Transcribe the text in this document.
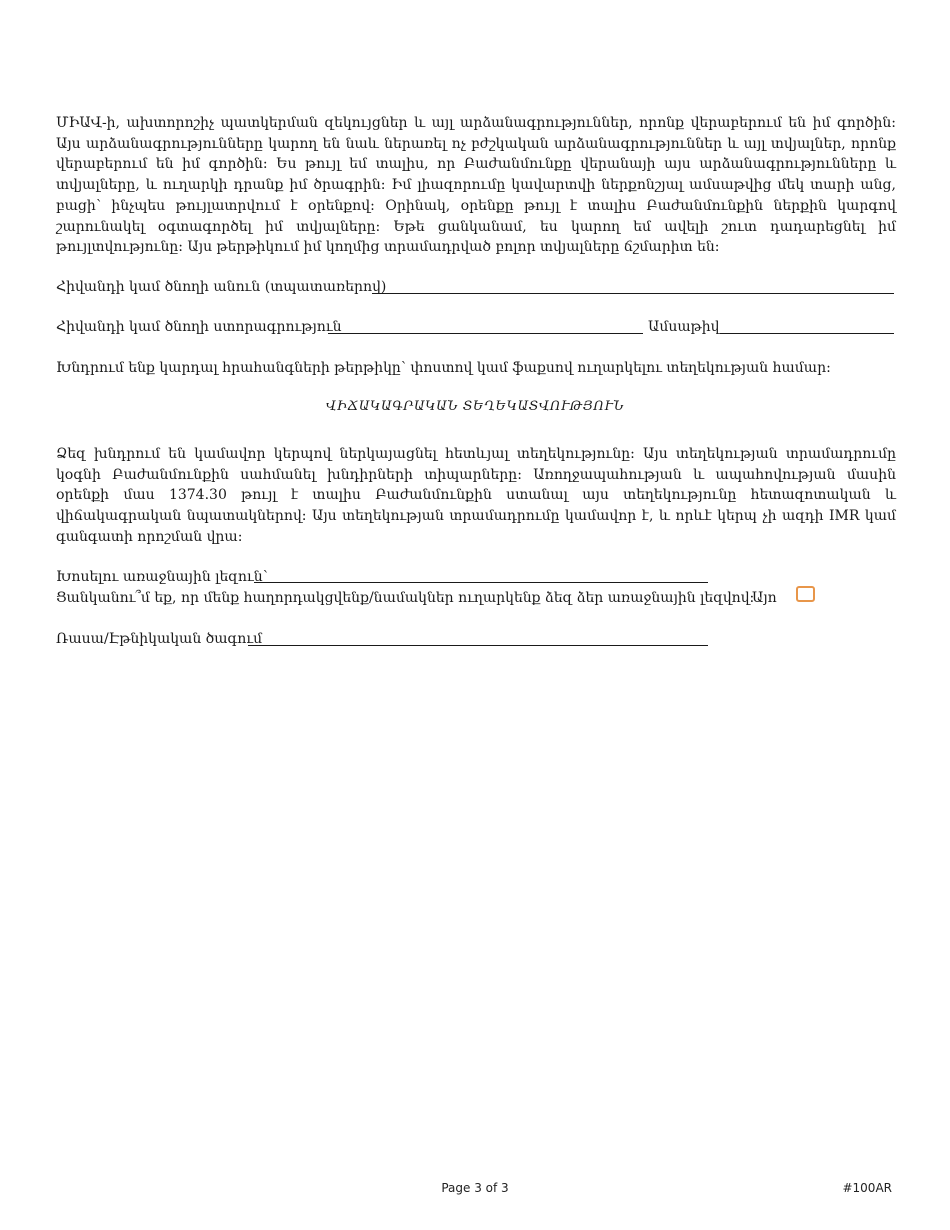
ՄԻԱՎ-ի, ախտորոշիչ պատկերման զեկույցներ և այլ արձանագրություններ, որոնք վերաբերում են իմ գործին: Այս արձանագրությունները կարող են նաև ներառել ոչ բժշկական արձանագրություններ և այլ տվյալներ, որոնք վերաբերում են իմ գործին: Ես թույլ եմ տալիս, որ Բաժանմունքը վերանայի այս արձանագրությունները և տվյալները, և ուղարկի դրանք իմ ծրագրին: Իմ լիազորումը կավարտվի ներքոնշյալ ամսաթվից մեկ տարի անց, բացի՝ ինչպես թույլատրվում է օրենքով: Օրինակ, օրենքը թույլ է տալիս Բաժանմունքին ներքին կարգով շարունակել օգտագործել իմ տվյալները: Եթե ցանկանամ, ես կարող եմ ավելի շուտ դադարեցնել իմ թույլտվությունը: Այս թերթիկում իմ կողմից տրամադրված բոլոր տվյալները ճշմարիտ են:
Հիվանդի կամ ծնողի անուն (տպատառերով)
Հիվանդի կամ ծնողի ստորագրություն	Ամսաթիվ
Խնդրում ենք կարդալ հրահանգների թերթիկը՝ փոստով կամ ֆաքսով ուղարկելու տեղեկության համար:
ՎԻՃԱԿԱԳՐԱԿԱՆ ՏԵՂԵԿԱՏՎՈՒԹՅՈՒՆ
Ձեզ խնդրում են կամավոր կերպով ներկայացնել հետևյալ տեղեկությունը: Այս տեղեկության տրամադրումը կօգնի Բաժանմունքին սահմանել խնդիրների տիպարները: Առողջապահության և ապահովության մասին օրենքի մաս 1374.30 թույլ է տալիս Բաժանմունքին ստանալ այս տեղեկությունը հետազոտական և վիճակագրական նպատակներով: Այս տեղեկության տրամադրումը կամավոր է, և որևէ կերպ չի ազդի IMR կամ գանգատի որոշման վրա:
Խոսելու առաջնային լեզուն՝
Ցանկանու՞մ եք, որ մենք հաղորդակցվենք/նամակներ ուղարկենք ձեզ ձեր առաջնային լեզվով:
Այո
Ռասա/Էթնիկական ծագում
Page 3 of 3	#100AR
